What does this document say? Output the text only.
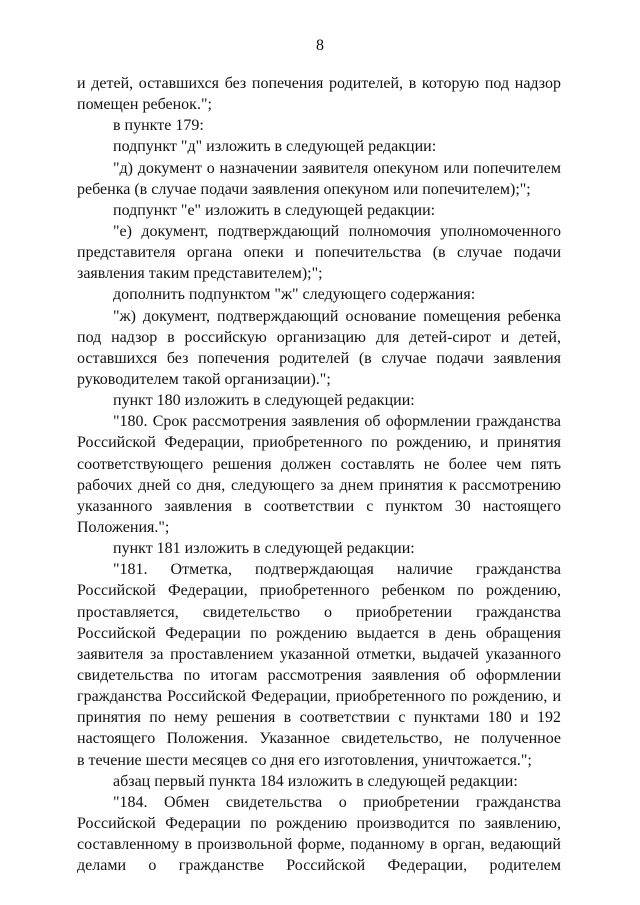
8
и детей, оставшихся без попечения родителей, в которую под надзор
помещен ребенок.";
в пункте 179:
подпункт "д" изложить в следующей редакции:
"д) документ о назначении заявителя опекуном или попечителем
ребенка (в случае подачи заявления опекуном или попечителем);";
подпункт "е" изложить в следующей редакции:
"е) документ, подтверждающий полномочия уполномоченного
представителя органа опеки и попечительства (в случае подачи
заявления таким представителем);";
дополнить подпунктом "ж" следующего содержания:
"ж) документ, подтверждающий основание помещения ребенка
под надзор в российскую организацию для детей-сирот и детей,
оставшихся без попечения родителей (в случае подачи заявления
руководителем такой организации).";
пункт 180 изложить в следующей редакции:
"180. Срок рассмотрения заявления об оформлении гражданства
Российской Федерации, приобретенного по рождению, и принятия
соответствующего решения должен составлять не более чем пять
рабочих дней со дня, следующего за днем принятия к рассмотрению
указанного заявления в соответствии с пунктом 30 настоящего
Положения.";
пункт 181 изложить в следующей редакции:
"181. Отметка, подтверждающая наличие гражданства
Российской Федерации, приобретенного ребенком по рождению,
проставляется, свидетельство о приобретении гражданства
Российской Федерации по рождению выдается в день обращения
заявителя за проставлением указанной отметки, выдачей указанного
свидетельства по итогам рассмотрения заявления об оформлении
гражданства Российской Федерации, приобретенного по рождению, и
принятия по нему решения в соответствии с пунктами 180 и 192
настоящего Положения. Указанное свидетельство, не полученное
в течение шести месяцев со дня его изготовления, уничтожается.";
абзац первый пункта 184 изложить в следующей редакции:
"184. Обмен свидетельства о приобретении гражданства
Российской Федерации по рождению производится по заявлению,
составленному в произвольной форме, поданному в орган, ведающий
делами о гражданстве Российской Федерации, родителем
